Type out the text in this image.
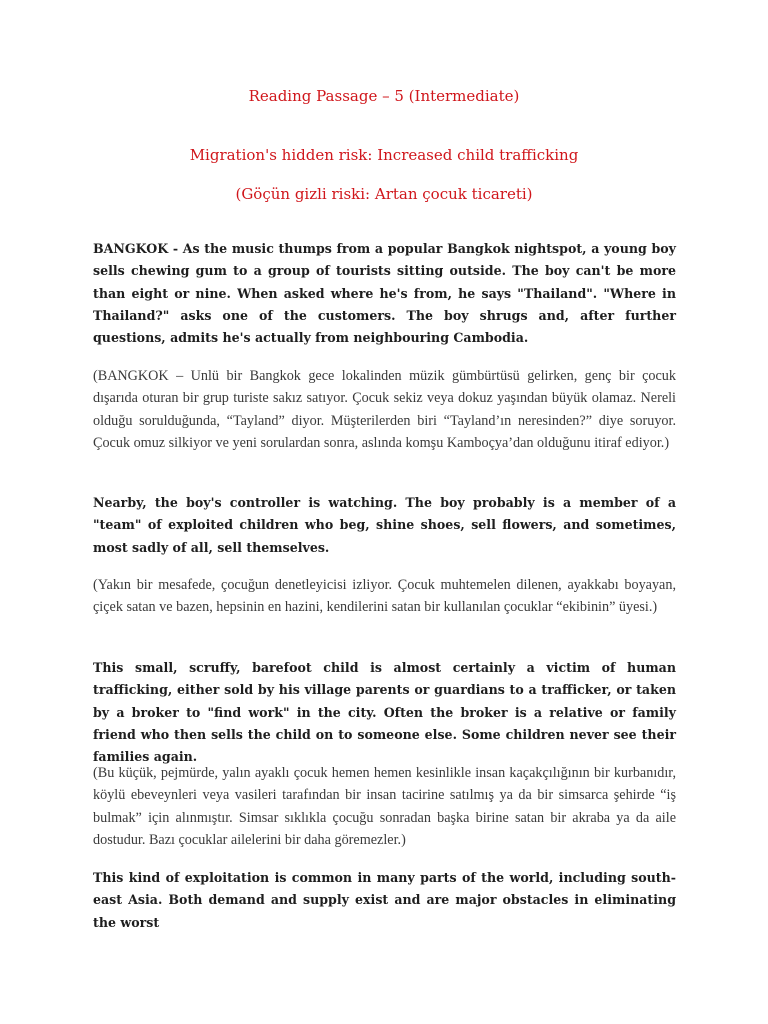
Reading Passage – 5 (Intermediate)
Migration's hidden risk: Increased child trafficking
(Göçün gizli riski: Artan çocuk ticareti)

BANGKOK - As the music thumps from a popular Bangkok nightspot, a young boy sells chewing gum to a group of tourists sitting outside. The boy can't be more than eight or nine. When asked where he's from, he says "Thailand". "Where in Thailand?" asks one of the customers. The boy shrugs and, after further questions, admits he's actually from neighbouring Cambodia.

(BANGKOK – Unlü bir Bangkok gece lokalinden müzik gümbürtüsü gelirken, genç bir çocuk dışarıda oturan bir grup turiste sakız satıyor. Çocuk sekiz veya dokuz yaşından büyük olamaz. Nereli olduğu sorulduğunda, “Tayland” diyor. Müşterilerden biri “Tayland’ın neresinden?” diye soruyor. Çocuk omuz silkiyor ve yeni sorulardan sonra, aslında komşu Kamboçya’dan olduğunu itiraf ediyor.)

Nearby, the boy's controller is watching. The boy probably is a member of a "team" of exploited children who beg, shine shoes, sell flowers, and sometimes, most sadly of all, sell themselves.

(Yakın bir mesafede, çocuğun denetleyicisi izliyor. Çocuk muhtemelen dilenen, ayakkabı boyayan, çiçek satan ve bazen, hepsinin en hazini, kendilerini satan bir kullanılan çocuklar “ekibinin” üyesi.)

This small, scruffy, barefoot child is almost certainly a victim of human trafficking, either sold by his village parents or guardians to a trafficker, or taken by a broker to "find work" in the city. Often the broker is a relative or family friend who then sells the child on to someone else. Some children never see their families again.

(Bu küçük, pejmürde, yalın ayaklı çocuk hemen hemen kesinlikle insan kaçakçılığının bir kurbanıdır, köylü ebeveynleri veya vasileri tarafından bir insan tacirine satılmış ya da bir simsarca şehirde “iş bulmak” için alınmıştır. Simsar sıklıkla çocuğu sonradan başka birine satan bir akraba ya da aile dostudur. Bazı çocuklar ailelerini bir daha göremezler.)

This kind of exploitation is common in many parts of the world, including south-east Asia. Both demand and supply exist and are major obstacles in eliminating the worst
